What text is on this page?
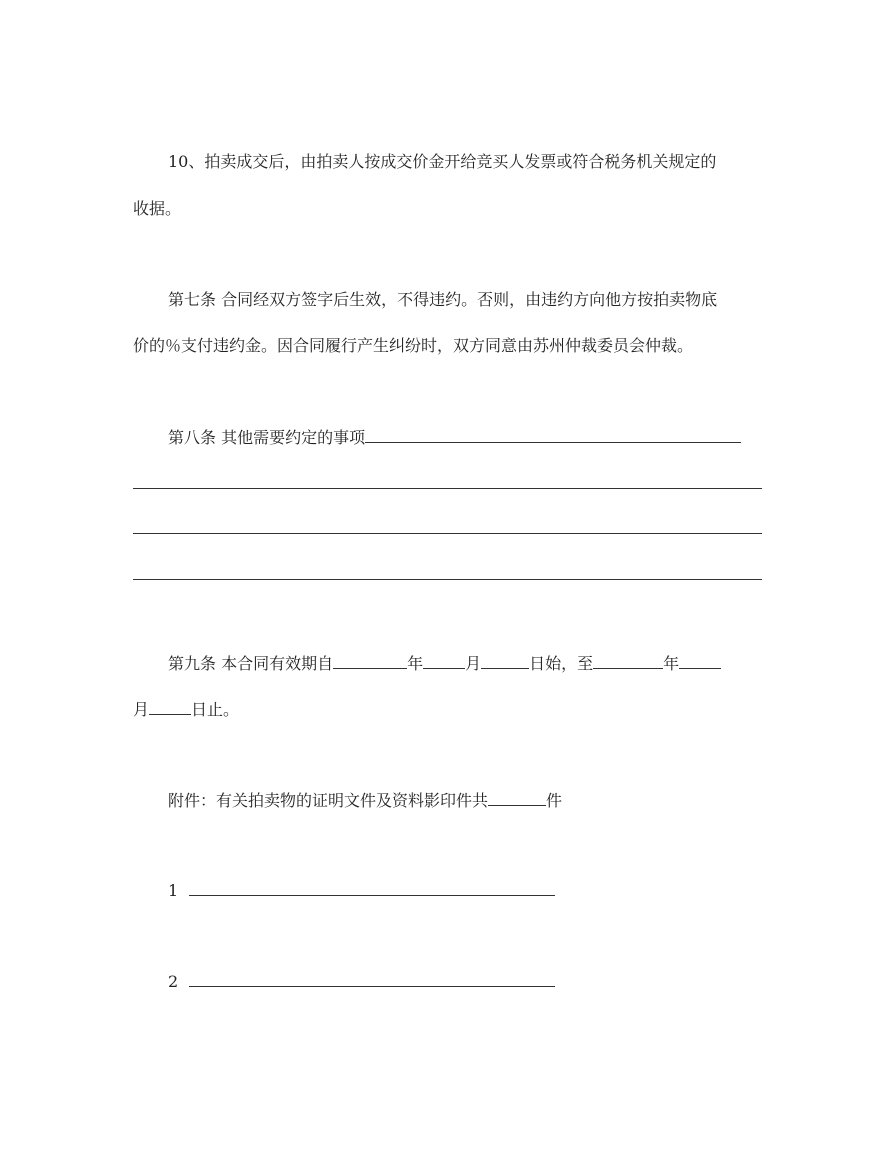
10、拍卖成交后，由拍卖人按成交价金开给竞买人发票或符合税务机关规定的
收据。
第七条 合同经双方签字后生效，不得违约。否则，由违约方向他方按拍卖物底
价的％支付违约金。因合同履行产生纠纷时，双方同意由苏州仲裁委员会仲裁。
第八条 其他需要约定的事项
第九条 本合同有效期自	年	月	日始，至	年
月	日止。
附件：有关拍卖物的证明文件及资料影印件共	件
1
2
